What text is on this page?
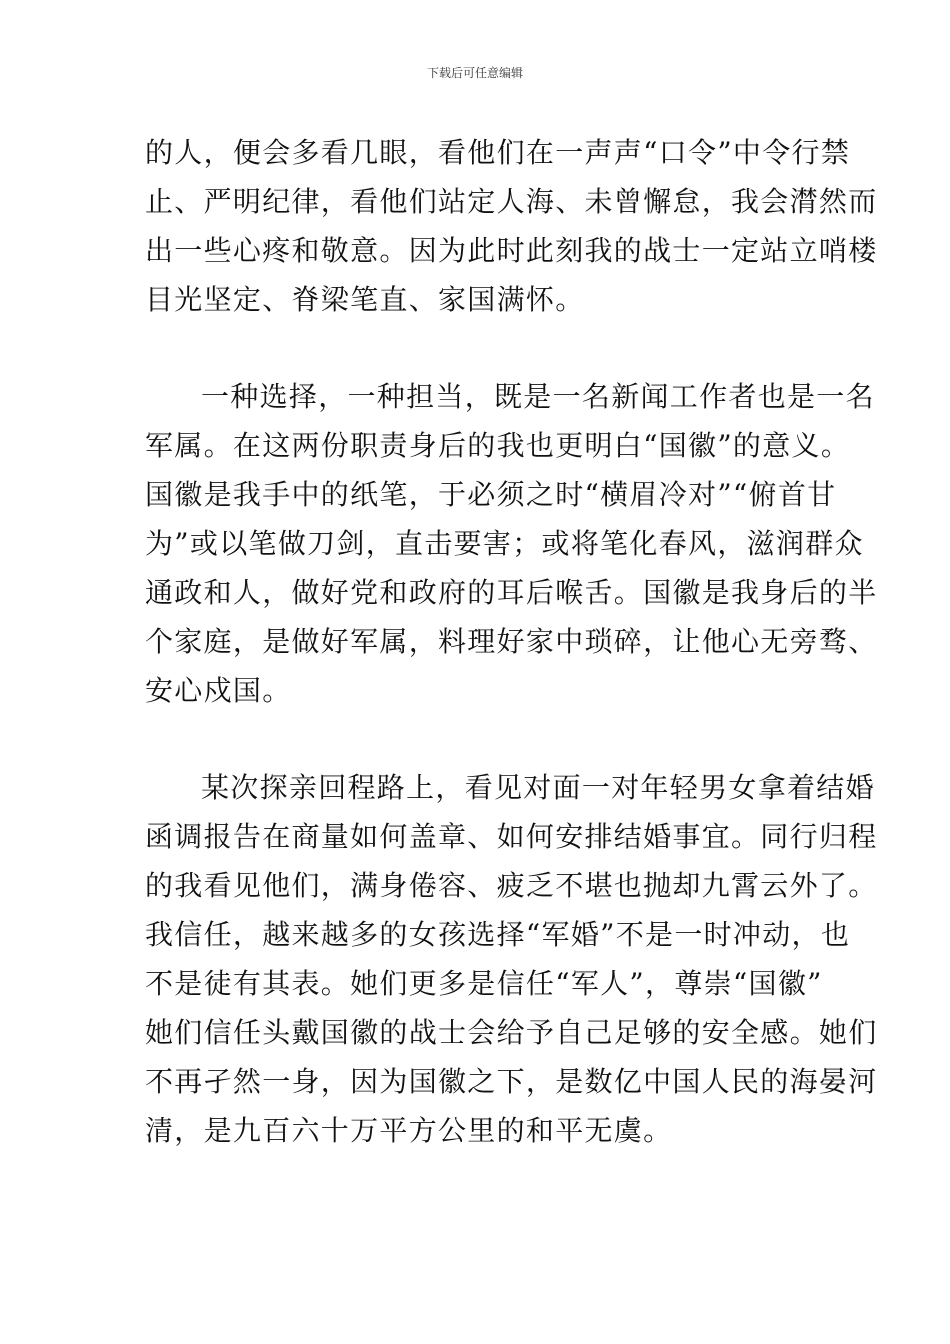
下载后可任意编辑
的人，便会多看几眼，看他们在一声声“口令”中令行禁
止、严明纪律，看他们站定人海、未曾懈怠，我会潸然而
出一些心疼和敬意。因为此时此刻我的战士一定站立哨楼
目光坚定、脊梁笔直、家国满怀。
一种选择，一种担当，既是一名新闻工作者也是一名
军属。在这两份职责身后的我也更明白“国徽”的意义。
国徽是我手中的纸笔，于必须之时“横眉冷对”“俯首甘
为”或以笔做刀剑，直击要害；或将笔化春风，滋润群众
通政和人，做好党和政府的耳后喉舌。国徽是我身后的半
个家庭，是做好军属，料理好家中琐碎，让他心无旁骛、
安心戍国。
某次探亲回程路上，看见对面一对年轻男女拿着结婚
函调报告在商量如何盖章、如何安排结婚事宜。同行归程
的我看见他们，满身倦容、疲乏不堪也抛却九霄云外了。
我信任，越来越多的女孩选择“军婚”不是一时冲动，也
不是徒有其表。她们更多是信任“军人”，尊崇“国徽”
她们信任头戴国徽的战士会给予自己足够的安全感。她们
不再孑然一身，因为国徽之下，是数亿中国人民的海晏河
清，是九百六十万平方公里的和平无虞。
